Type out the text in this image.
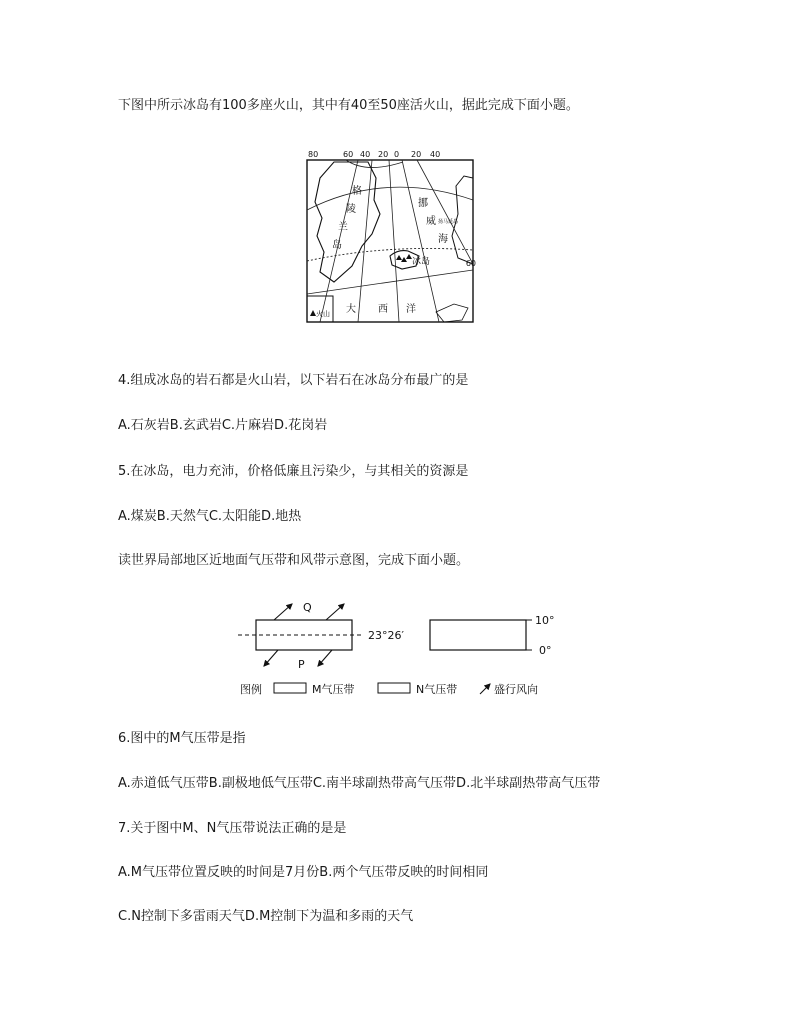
下图中所示冰岛有100多座火山，其中有40至50座活火山，据此完成下面小题。
80	60 40 20 0 20 40
格
陵
兰
岛
挪
威
海
扬马延岛
冰岛	60
大 西 洋
火山
4.组成冰岛的岩石都是火山岩，以下岩石在冰岛分布最广的是
A.石灰岩B.玄武岩C.片麻岩D.花岗岩
5.在冰岛，电力充沛，价格低廉且污染少，与其相关的资源是
A.煤炭B.天然气C.太阳能D.地热
读世界局部地区近地面气压带和风带示意图，完成下面小题。
Q
P
23°26′
10°
0°
图例	M气压带	N气压带	盛行风向
6.图中的M气压带是指
A.赤道低气压带B.副极地低气压带C.南半球副热带高气压带D.北半球副热带高气压带
7.关于图中M、N气压带说法正确的是是
A.M气压带位置反映的时间是7月份B.两个气压带反映的时间相同
C.N控制下多雷雨天气D.M控制下为温和多雨的天气
